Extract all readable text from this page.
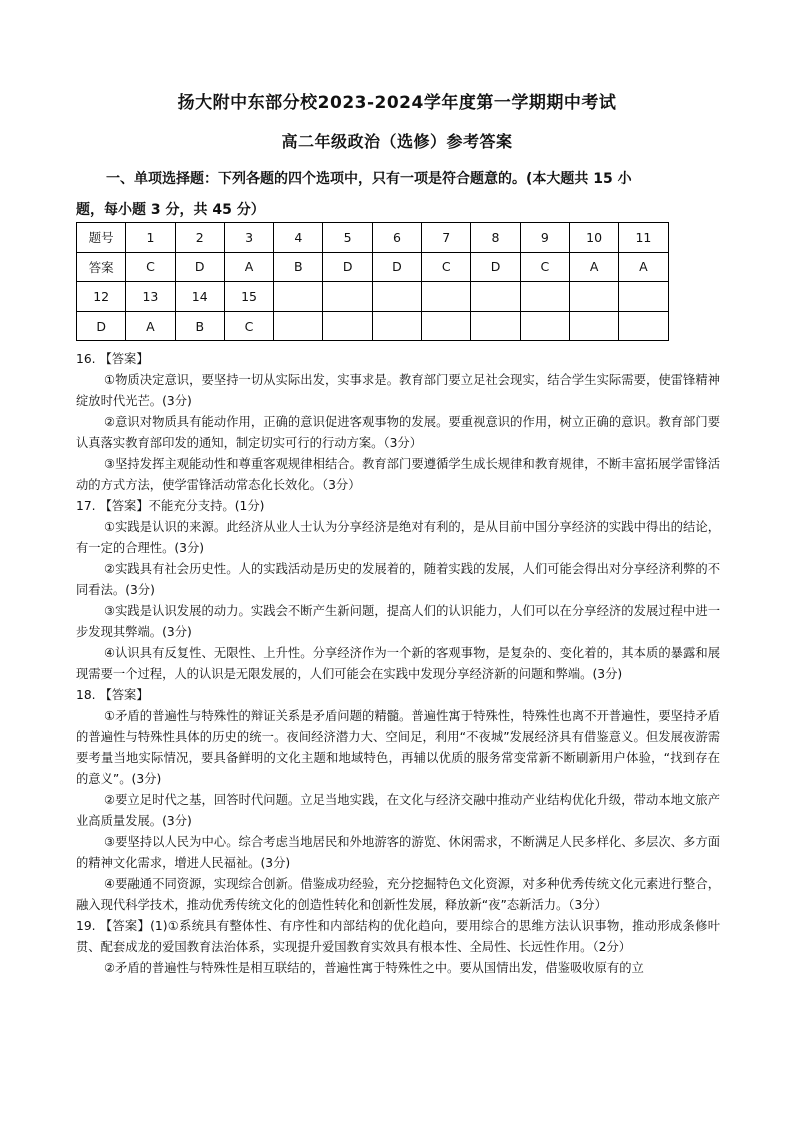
扬大附中东部分校2023-2024学年度第一学期期中考试
高二年级政治（选修）参考答案
一、单项选择题：下列各题的四个选项中，只有一项是符合题意的。(本大题共 15 小
题，每小题 3 分，共 45 分）
题号	1	2	3	4	5	6	7	8	9	10	11
答案	C	D	A	B	D	D	C	D	C	A	A
12	13	14	15								
D	A	B	C								

16. 【答案】

①物质决定意识，要坚持一切从实际出发，实事求是。教育部门要立足社会现实，结合学生实际需要，使雷锋精神绽放时代光芒。(3分)

②意识对物质具有能动作用，正确的意识促进客观事物的发展。要重视意识的作用，树立正确的意识。教育部门要认真落实教育部印发的通知，制定切实可行的行动方案。（3分）

③坚持发挥主观能动性和尊重客观规律相结合。教育部门要遵循学生成长规律和教育规律，不断丰富拓展学雷锋活动的方式方法，使学雷锋活动常态化长效化。（3分）

17. 【答案】不能充分支持。(1分)

①实践是认识的来源。此经济从业人士认为分享经济是绝对有利的，是从目前中国分享经济的实践中得出的结论，有一定的合理性。(3分)

②实践具有社会历史性。人的实践活动是历史的发展着的，随着实践的发展，人们可能会得出对分享经济利弊的不同看法。(3分)

③实践是认识发展的动力。实践会不断产生新问题，提高人们的认识能力，人们可以在分享经济的发展过程中进一步发现其弊端。(3分)

④认识具有反复性、无限性、上升性。分享经济作为一个新的客观事物，是复杂的、变化着的，其本质的暴露和展现需要一个过程，人的认识是无限发展的，人们可能会在实践中发现分享经济新的问题和弊端。(3分)

18. 【答案】

①矛盾的普遍性与特殊性的辩证关系是矛盾问题的精髓。普遍性寓于特殊性，特殊性也离不开普遍性，要坚持矛盾的普遍性与特殊性具体的历史的统一。夜间经济潜力大、空间足，利用“不夜城”发展经济具有借鉴意义。但发展夜游需要考量当地实际情况，要具备鲜明的文化主题和地域特色，再辅以优质的服务常变常新不断刷新用户体验，“找到存在的意义”。(3分)

②要立足时代之基，回答时代问题。立足当地实践，在文化与经济交融中推动产业结构优化升级，带动本地文旅产业高质量发展。(3分)

③要坚持以人民为中心。综合考虑当地居民和外地游客的游览、休闲需求，不断满足人民多样化、多层次、多方面的精神文化需求，增进人民福祉。(3分)

④要融通不同资源，实现综合创新。借鉴成功经验，充分挖掘特色文化资源，对多种优秀传统文化元素进行整合，融入现代科学技术，推动优秀传统文化的创造性转化和创新性发展，释放新“夜”态新活力。（3分）

19. 【答案】(1)①系统具有整体性、有序性和内部结构的优化趋向，要用综合的思维方法认识事物，推动形成条修叶贯、配套成龙的爱国教育法治体系，实现提升爱国教育实效具有根本性、全局性、长远性作用。（2分）

②矛盾的普遍性与特殊性是相互联结的，普遍性寓于特殊性之中。要从国情出发，借鉴吸收原有的立
